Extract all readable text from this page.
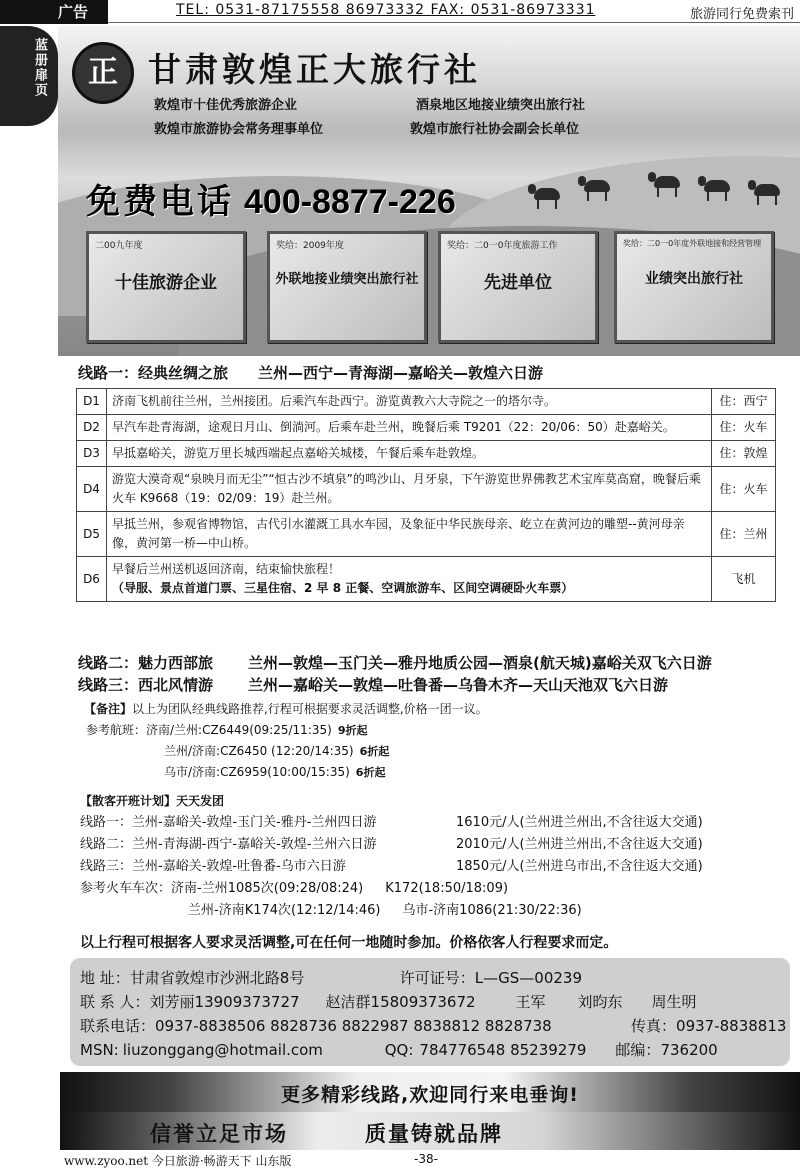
广告	TEL: 0531-87175558 86973332 FAX: 0531-86973331	旅游同行免费索刊
蓝册扉页	正 甘肃敦煌正大旅行社
敦煌市十佳优秀旅游企业	酒泉地区地接业绩突出旅行社
敦煌市旅游协会常务理事单位	敦煌市旅行社协会副会长单位
免费电话 400-8877-226
二00九年度
十佳旅游企业
奖给：2009年度
外联地接业绩突出旅行社
奖给：二0一0年度旅游工作
先进单位
奖给：二0一0年度外联地接和经营管理
业绩突出旅行社
线路一：经典丝绸之旅 兰州—西宁—青海湖—嘉峪关—敦煌六日游
D1	济南飞机前往兰州，兰州接团。后乘汽车赴西宁。游览黄教六大寺院之一的塔尔寺。	住：西宁
D2	早汽车赴青海湖，途观日月山、倒淌河。后乘车赴兰州，晚餐后乘 T9201（22：20/06：50）赴嘉峪关。	住：火车
D3	早抵嘉峪关，游览万里长城西端起点嘉峪关城楼，午餐后乘车赴敦煌。	住：敦煌
D4	游览大漠奇观“泉映月而无尘”“恒古沙不填泉”的鸣沙山、月牙泉，下午游览世界佛教艺术宝库莫高窟，晚餐后乘火车 K9668（19：02/09：19）赴兰州。	住：火车
D5	早抵兰州，参观省博物馆，古代引水灌溉工具水车园，及象征中华民族母亲、屹立在黄河边的雕塑--黄河母亲像，黄河第一桥—中山桥。	住：兰州
D6	早餐后兰州送机返回济南，结束愉快旅程！
（导服、景点首道门票、三星住宿、2 早 8 正餐、空调旅游车、区间空调硬卧火车票）	飞机
线路二：魅力西部旅 兰州—敦煌—玉门关—雅丹地质公园—酒泉(航天城)嘉峪关双飞六日游
线路三：西北风情游 兰州—嘉峪关—敦煌—吐鲁番—乌鲁木齐—天山天池双飞六日游
【备注】以上为团队经典线路推荐,行程可根据要求灵活调整,价格一团一议。
参考航班：济南/兰州:CZ6449(09:25/11:35) 9折起
兰州/济南:CZ6450 (12:20/14:35) 6折起
乌市/济南:CZ6959(10:00/15:35) 6折起
【散客开班计划】天天发团
线路一：兰州-嘉峪关-敦煌-玉门关-雅丹-兰州四日游	1610元/人(兰州进兰州出,不含往返大交通)
线路二：兰州-青海湖-西宁-嘉峪关-敦煌-兰州六日游	2010元/人(兰州进兰州出,不含往返大交通)
线路三：兰州-嘉峪关-敦煌-吐鲁番-乌市六日游	1850元/人(兰州进乌市出,不含往返大交通)
参考火车车次：济南-兰州1085次(09:28/08:24) K172(18:50/18:09)
兰州-济南K174次(12:12/14:46) 乌市-济南1086(21:30/22:36)
以上行程可根据客人要求灵活调整,可在任何一地随时参加。价格依客人行程要求而定。
地 址：甘肃省敦煌市沙洲北路8号	许可证号：L—GS—00239
联 系 人：刘芳丽13909373727 赵洁群15809373672	王军 刘昀东 周生明
联系电话：0937-8838506 8828736 8822987 8838812 8828738	传真：0937-8838813
MSN: liuzonggang@hotmail.com	QQ: 784776548 85239279 邮编：736200
更多精彩线路,欢迎同行来电垂询!
信誉立足市场	质量铸就品牌
www.zyoo.net 今日旅游·畅游天下 山东版	-38-
